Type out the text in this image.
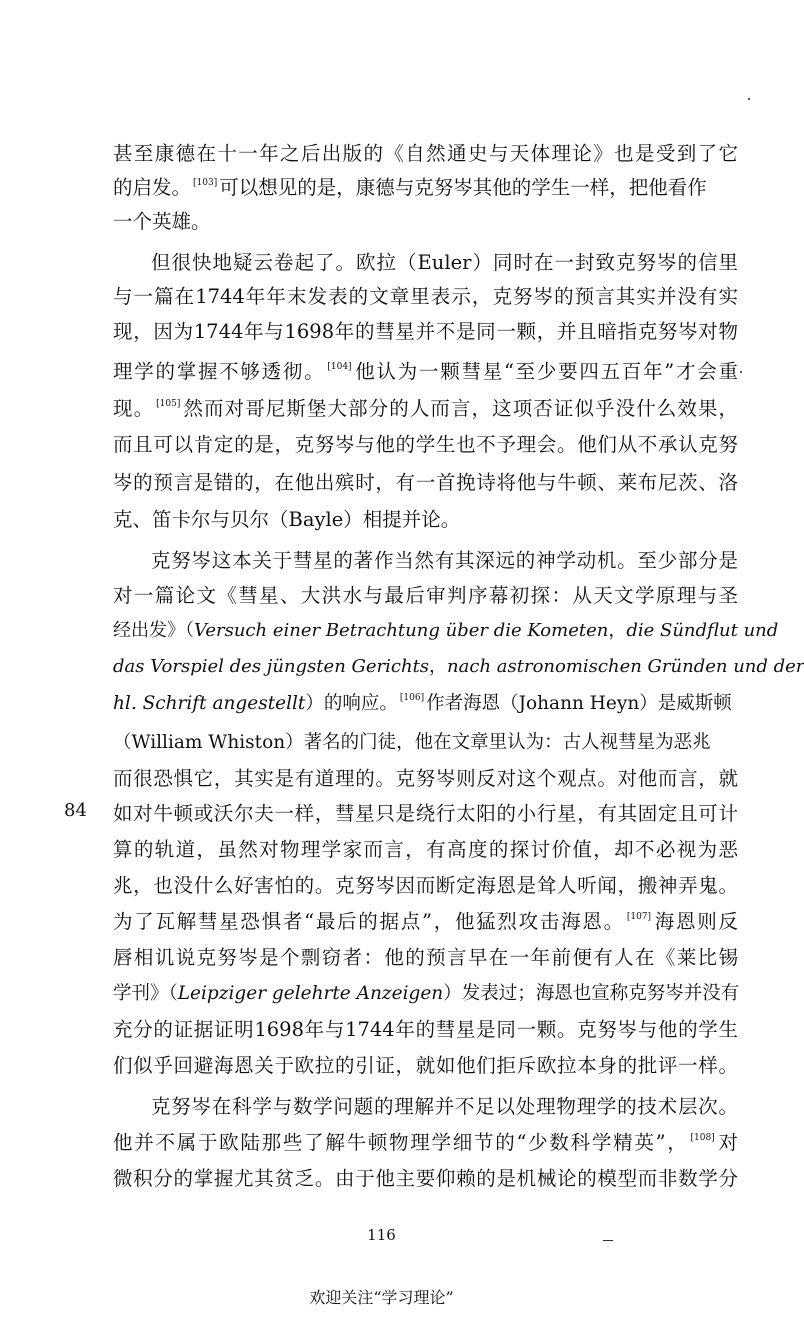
甚至康德在十一年之后出版的《自然通史与天体理论》也是受到了它
的启发。 [103] 可以想见的是，康德与克努岑其他的学生一样，把他看作
一个英雄。
但很快地疑云卷起了。欧拉（Euler）同时在一封致克努岑的信里
与一篇在1744年年末发表的文章里表示，克努岑的预言其实并没有实
现，因为1744年与1698年的彗星并不是同一颗，并且暗指克努岑对物
理学的掌握不够透彻。 [104] 他认为一颗彗星“至少要四五百年”才会重
现。 [105] 然而对哥尼斯堡大部分的人而言，这项否证似乎没什么效果，
而且可以肯定的是，克努岑与他的学生也不予理会。他们从不承认克努
岑的预言是错的，在他出殡时，有一首挽诗将他与牛顿、莱布尼茨、洛
克、笛卡尔与贝尔（Bayle）相提并论。
克努岑这本关于彗星的著作当然有其深远的神学动机。至少部分是
对一篇论文《彗星、大洪水与最后审判序幕初探：从天文学原理与圣
经出发》（Versuch einer Betrachtung über die Kometen，die Sündflut und
das Vorspiel des jüngsten Gerichts，nach astronomischen Gründen und der
hl. Schrift angestellt）的响应。 [106] 作者海恩（Johann Heyn）是威斯顿
（William Whiston）著名的门徒，他在文章里认为：古人视彗星为恶兆
而很恐惧它，其实是有道理的。克努岑则反对这个观点。对他而言，就
84 如对牛顿或沃尔夫一样，彗星只是绕行太阳的小行星，有其固定且可计
算的轨道，虽然对物理学家而言，有高度的探讨价值，却不必视为恶
兆，也没什么好害怕的。克努岑因而断定海恩是耸人听闻，搬神弄鬼。
为了瓦解彗星恐惧者“最后的据点”，他猛烈攻击海恩。 [107] 海恩则反
唇相讥说克努岑是个剽窃者：他的预言早在一年前便有人在《莱比锡
学刊》（Leipziger gelehrte Anzeigen）发表过；海恩也宣称克努岑并没有
充分的证据证明1698年与1744年的彗星是同一颗。克努岑与他的学生
们似乎回避海恩关于欧拉的引证，就如他们拒斥欧拉本身的批评一样。
克努岑在科学与数学问题的理解并不足以处理物理学的技术层次。
他并不属于欧陆那些了解牛顿物理学细节的“少数科学精英”， [108] 对
微积分的掌握尤其贫乏。由于他主要仰赖的是机械论的模型而非数学分
116
欢迎关注“学习理论”
